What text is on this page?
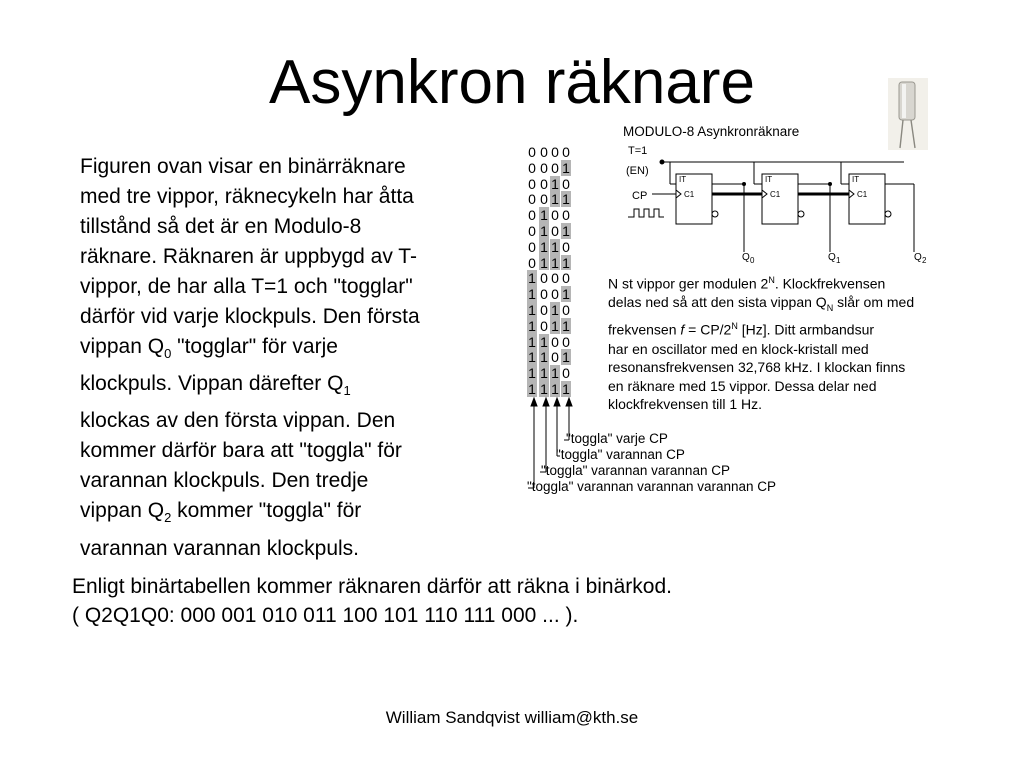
Asynkron räknare
Figuren ovan visar en binärräknare
med tre vippor, räknecykeln har åtta
tillstånd så det är en Modulo-8
räknare. Räknaren är uppbygd av T-
vippor, de har alla T=1 och "togglar"
därför vid varje klockpuls. Den första
vippan $Q_0$ "togglar" för varje
klockpuls. Vippan därefter $Q_1$
klockas av den första vippan. Den
kommer därför bara att "toggla" för
varannan klockpuls. Den tredje
vippan $Q_2$ kommer "toggla" för
varannan varannan klockpuls.
0 0 0 0
0 0 0 1
0 0 1 0
0 0 1 1
0 1 0 0
0 1 0 1
0 1 1 0
0 1 1 1
1 0 0 0
1 0 0 1
1 0 1 0
1 0 1 1
1 1 0 0
1 1 0 1
1 1 1 0
1 1 1 1
"toggla" varje CP
"toggla" varannan CP
"toggla" varannan varannan CP
"toggla" varannan varannan varannan CP
MODULO-8 Asynkronräknare
T=1
(EN)
CP
IT
C1
IT
C1
IT
C1
Q 0	Q 1	Q 2
N st vippor ger modulen $2^N$. Klockfrekvensen
delas ned så att den sista vippan $Q_N$ slår om med
frekvensen $f = CP/2^N$ [Hz]. Ditt armbandsur
har en oscillator med en klock-kristall med
resonansfrekvensen 32,768 kHz. I klockan finns
en räknare med 15 vippor. Dessa delar ned
klockfrekvensen till 1 Hz.
Enligt binärtabellen kommer räknaren därför att räkna i binärkod.
( Q2Q1Q0: 000 001 010 011 100 101 110 111 000 ... ).
William Sandqvist william@kth.se
